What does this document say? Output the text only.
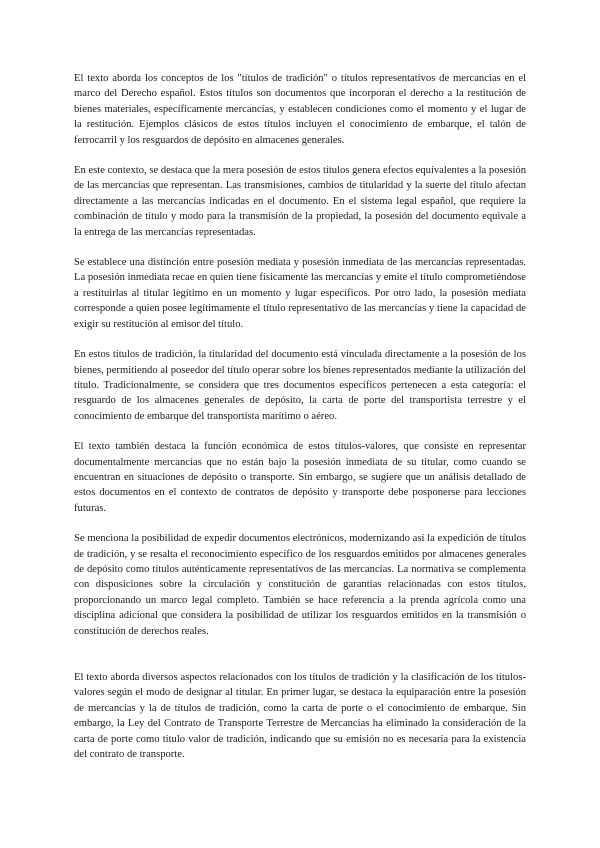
El texto aborda los conceptos de los "títulos de tradición" o títulos representativos de mercancías en el marco del Derecho español. Estos títulos son documentos que incorporan el derecho a la restitución de bienes materiales, específicamente mercancías, y establecen condiciones como el momento y el lugar de la restitución. Ejemplos clásicos de estos títulos incluyen el conocimiento de embarque, el talón de ferrocarril y los resguardos de depósito en almacenes generales.

En este contexto, se destaca que la mera posesión de estos títulos genera efectos equivalentes a la posesión de las mercancías que representan. Las transmisiones, cambios de titularidad y la suerte del título afectan directamente a las mercancías indicadas en el documento. En el sistema legal español, que requiere la combinación de título y modo para la transmisión de la propiedad, la posesión del documento equivale a la entrega de las mercancías representadas.

Se establece una distinción entre posesión mediata y posesión inmediata de las mercancías representadas. La posesión inmediata recae en quien tiene físicamente las mercancías y emite el título comprometiéndose a restituirlas al titular legítimo en un momento y lugar específicos. Por otro lado, la posesión mediata corresponde a quien posee legítimamente el título representativo de las mercancías y tiene la capacidad de exigir su restitución al emisor del título.

En estos títulos de tradición, la titularidad del documento está vinculada directamente a la posesión de los bienes, permitiendo al poseedor del título operar sobre los bienes representados mediante la utilización del título. Tradicionalmente, se considera que tres documentos específicos pertenecen a esta categoría: el resguardo de los almacenes generales de depósito, la carta de porte del transportista terrestre y el conocimiento de embarque del transportista marítimo o aéreo.

El texto también destaca la función económica de estos títulos-valores, que consiste en representar documentalmente mercancías que no están bajo la posesión inmediata de su titular, como cuando se encuentran en situaciones de depósito o transporte. Sin embargo, se sugiere que un análisis detallado de estos documentos en el contexto de contratos de depósito y transporte debe posponerse para lecciones futuras.

Se menciona la posibilidad de expedir documentos electrónicos, modernizando así la expedición de títulos de tradición, y se resalta el reconocimiento específico de los resguardos emitidos por almacenes generales de depósito como títulos auténticamente representativos de las mercancías. La normativa se complementa con disposiciones sobre la circulación y constitución de garantías relacionadas con estos títulos, proporcionando un marco legal completo. También se hace referencia a la prenda agrícola como una disciplina adicional que considera la posibilidad de utilizar los resguardos emitidos en la transmisión o constitución de derechos reales.

El texto aborda diversos aspectos relacionados con los títulos de tradición y la clasificación de los títulos-valores según el modo de designar al titular. En primer lugar, se destaca la equiparación entre la posesión de mercancías y la de títulos de tradición, como la carta de porte o el conocimiento de embarque. Sin embargo, la Ley del Contrato de Transporte Terrestre de Mercancías ha eliminado la consideración de la carta de porte como título valor de tradición, indicando que su emisión no es necesaria para la existencia del contrato de transporte.
